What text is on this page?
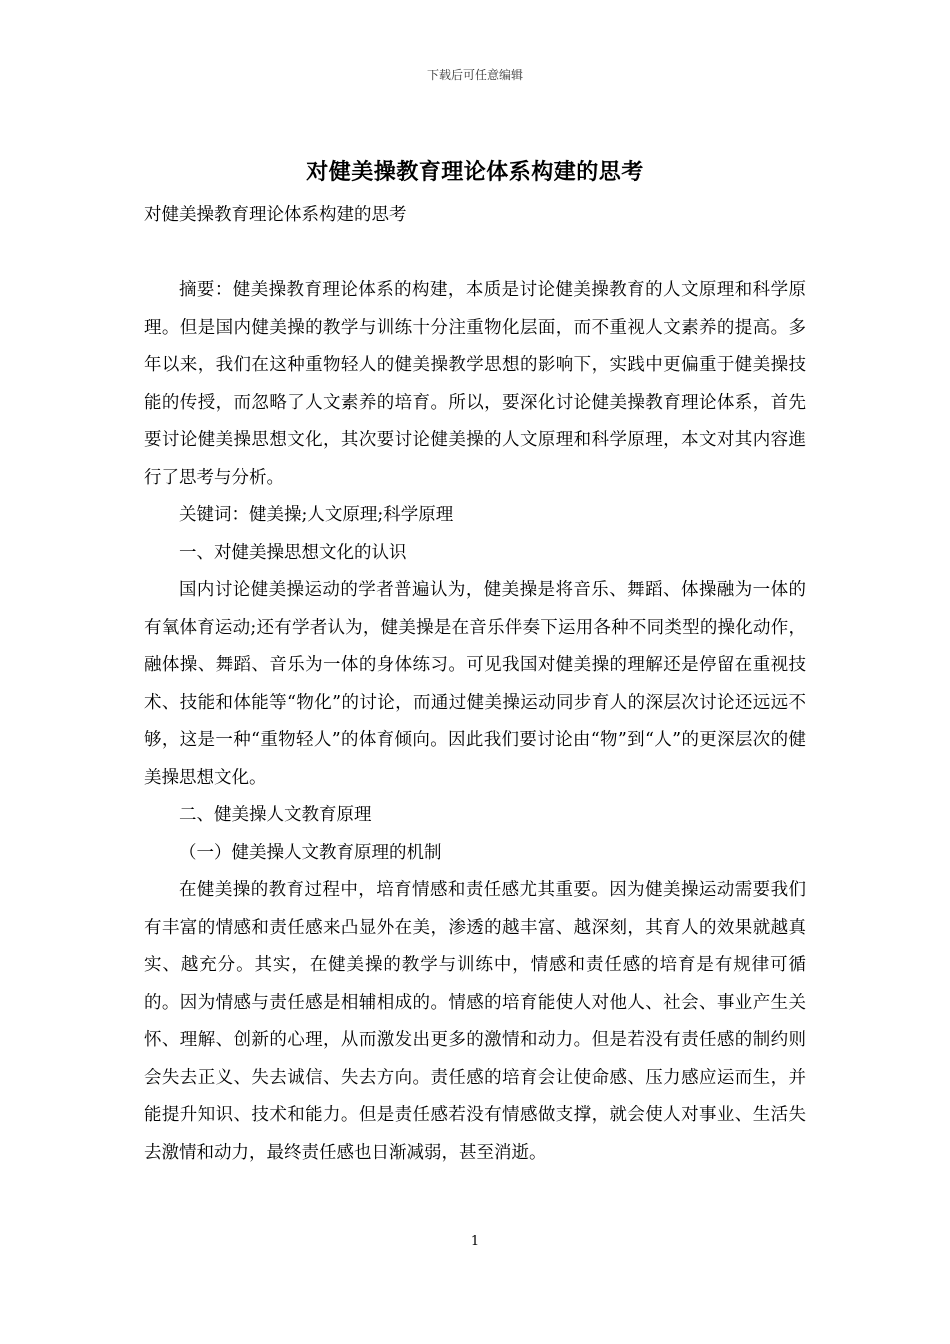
下载后可任意编辑
对健美操教育理论体系构建的思考

对健美操教育理论体系构建的思考

摘要：健美操教育理论体系的构建，本质是讨论健美操教育的人文原理和科学原理。但是国内健美操的教学与训练十分注重物化层面，而不重视人文素养的提高。多年以来，我们在这种重物轻人的健美操教学思想的影响下，实践中更偏重于健美操技能的传授，而忽略了人文素养的培育。所以，要深化讨论健美操教育理论体系，首先要讨论健美操思想文化，其次要讨论健美操的人文原理和科学原理，本文对其内容進行了思考与分析。

关键词：健美操;人文原理;科学原理

一、对健美操思想文化的认识

国内讨论健美操运动的学者普遍认为，健美操是将音乐、舞蹈、体操融为一体的有氧体育运动;还有学者认为，健美操是在音乐伴奏下运用各种不同类型的操化动作，融体操、舞蹈、音乐为一体的身体练习。可见我国对健美操的理解还是停留在重视技术、技能和体能等“物化”的讨论，而通过健美操运动同步育人的深层次讨论还远远不够，这是一种“重物轻人”的体育倾向。因此我们要讨论由“物”到“人”的更深层次的健美操思想文化。

二、健美操人文教育原理

（一）健美操人文教育原理的机制

在健美操的教育过程中，培育情感和责任感尤其重要。因为健美操运动需要我们有丰富的情感和责任感来凸显外在美，渗透的越丰富、越深刻，其育人的效果就越真实、越充分。其实，在健美操的教学与训练中，情感和责任感的培育是有规律可循的。因为情感与责任感是相辅相成的。情感的培育能使人对他人、社会、事业产生关怀、理解、创新的心理，从而激发出更多的激情和动力。但是若没有责任感的制约则会失去正义、失去诚信、失去方向。责任感的培育会让使命感、压力感应运而生，并能提升知识、技术和能力。但是责任感若没有情感做支撑，就会使人对事业、生活失去激情和动力，最终责任感也日渐减弱，甚至消逝。

1
